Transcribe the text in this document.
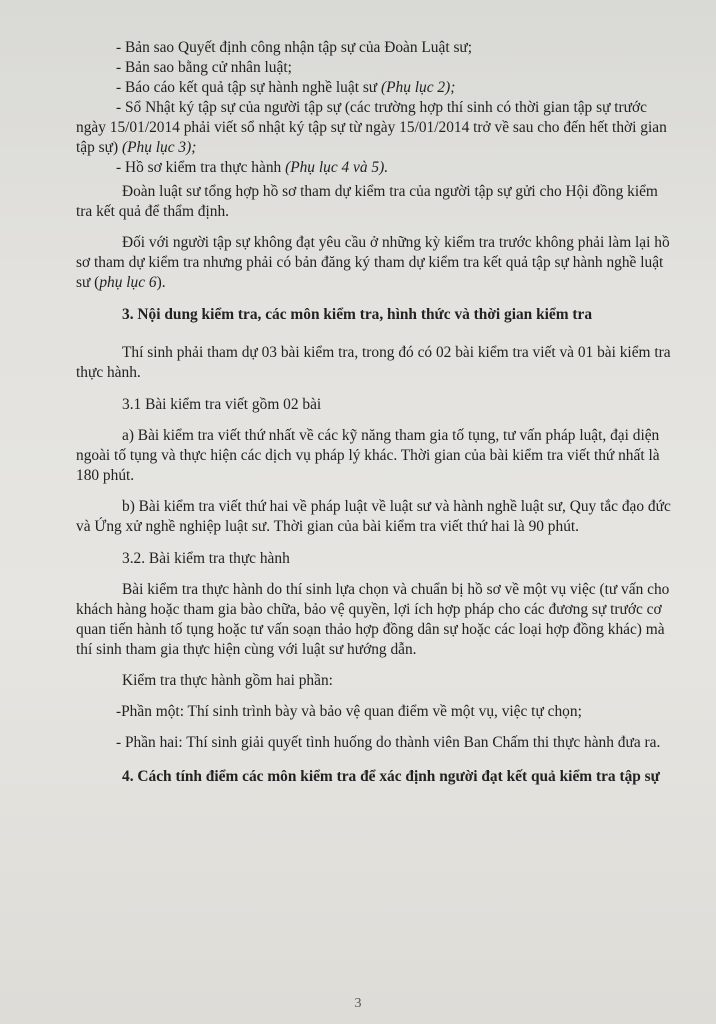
- Bản sao Quyết định công nhận tập sự của Đoàn Luật sư;

- Bản sao bằng cử nhân luật;

- Báo cáo kết quả tập sự hành nghề luật sư (Phụ lục 2);

- Sổ Nhật ký tập sự của người tập sự (các trường hợp thí sinh có thời gian tập sự trước ngày 15/01/2014 phải viết sổ nhật ký tập sự từ ngày 15/01/2014 trở về sau cho đến hết thời gian tập sự) (Phụ lục 3);

- Hồ sơ kiểm tra thực hành (Phụ lục 4 và 5).

Đoàn luật sư tổng hợp hồ sơ tham dự kiểm tra của người tập sự gửi cho Hội đồng kiểm tra kết quả để thẩm định.

Đối với người tập sự không đạt yêu cầu ở những kỳ kiểm tra trước không phải làm lại hồ sơ tham dự kiểm tra nhưng phải có bản đăng ký tham dự kiểm tra kết quả tập sự hành nghề luật sư (phụ lục 6).

3. Nội dung kiểm tra, các môn kiểm tra, hình thức và thời gian kiểm tra

Thí sinh phải tham dự 03 bài kiểm tra, trong đó có 02 bài kiểm tra viết và 01 bài kiểm tra thực hành.

3.1 Bài kiểm tra viết gồm 02 bài

a) Bài kiểm tra viết thứ nhất về các kỹ năng tham gia tố tụng, tư vấn pháp luật, đại diện ngoài tố tụng và thực hiện các dịch vụ pháp lý khác. Thời gian của bài kiểm tra viết thứ nhất là 180 phút.

b) Bài kiểm tra viết thứ hai về pháp luật về luật sư và hành nghề luật sư, Quy tắc đạo đức và Ứng xử nghề nghiệp luật sư. Thời gian của bài kiểm tra viết thứ hai là 90 phút.

3.2. Bài kiểm tra thực hành

Bài kiểm tra thực hành do thí sinh lựa chọn và chuẩn bị hồ sơ về một vụ việc (tư vấn cho khách hàng hoặc tham gia bào chữa, bảo vệ quyền, lợi ích hợp pháp cho các đương sự trước cơ quan tiến hành tố tụng hoặc tư vấn soạn thảo hợp đồng dân sự hoặc các loại hợp đồng khác) mà thí sinh tham gia thực hiện cùng với luật sư hướng dẫn.

Kiểm tra thực hành gồm hai phần:

-Phần một: Thí sinh trình bày và bảo vệ quan điểm về một vụ, việc tự chọn;

- Phần hai: Thí sinh giải quyết tình huống do thành viên Ban Chấm thi thực hành đưa ra.

4. Cách tính điểm các môn kiểm tra để xác định người đạt kết quả kiểm tra tập sự

3
